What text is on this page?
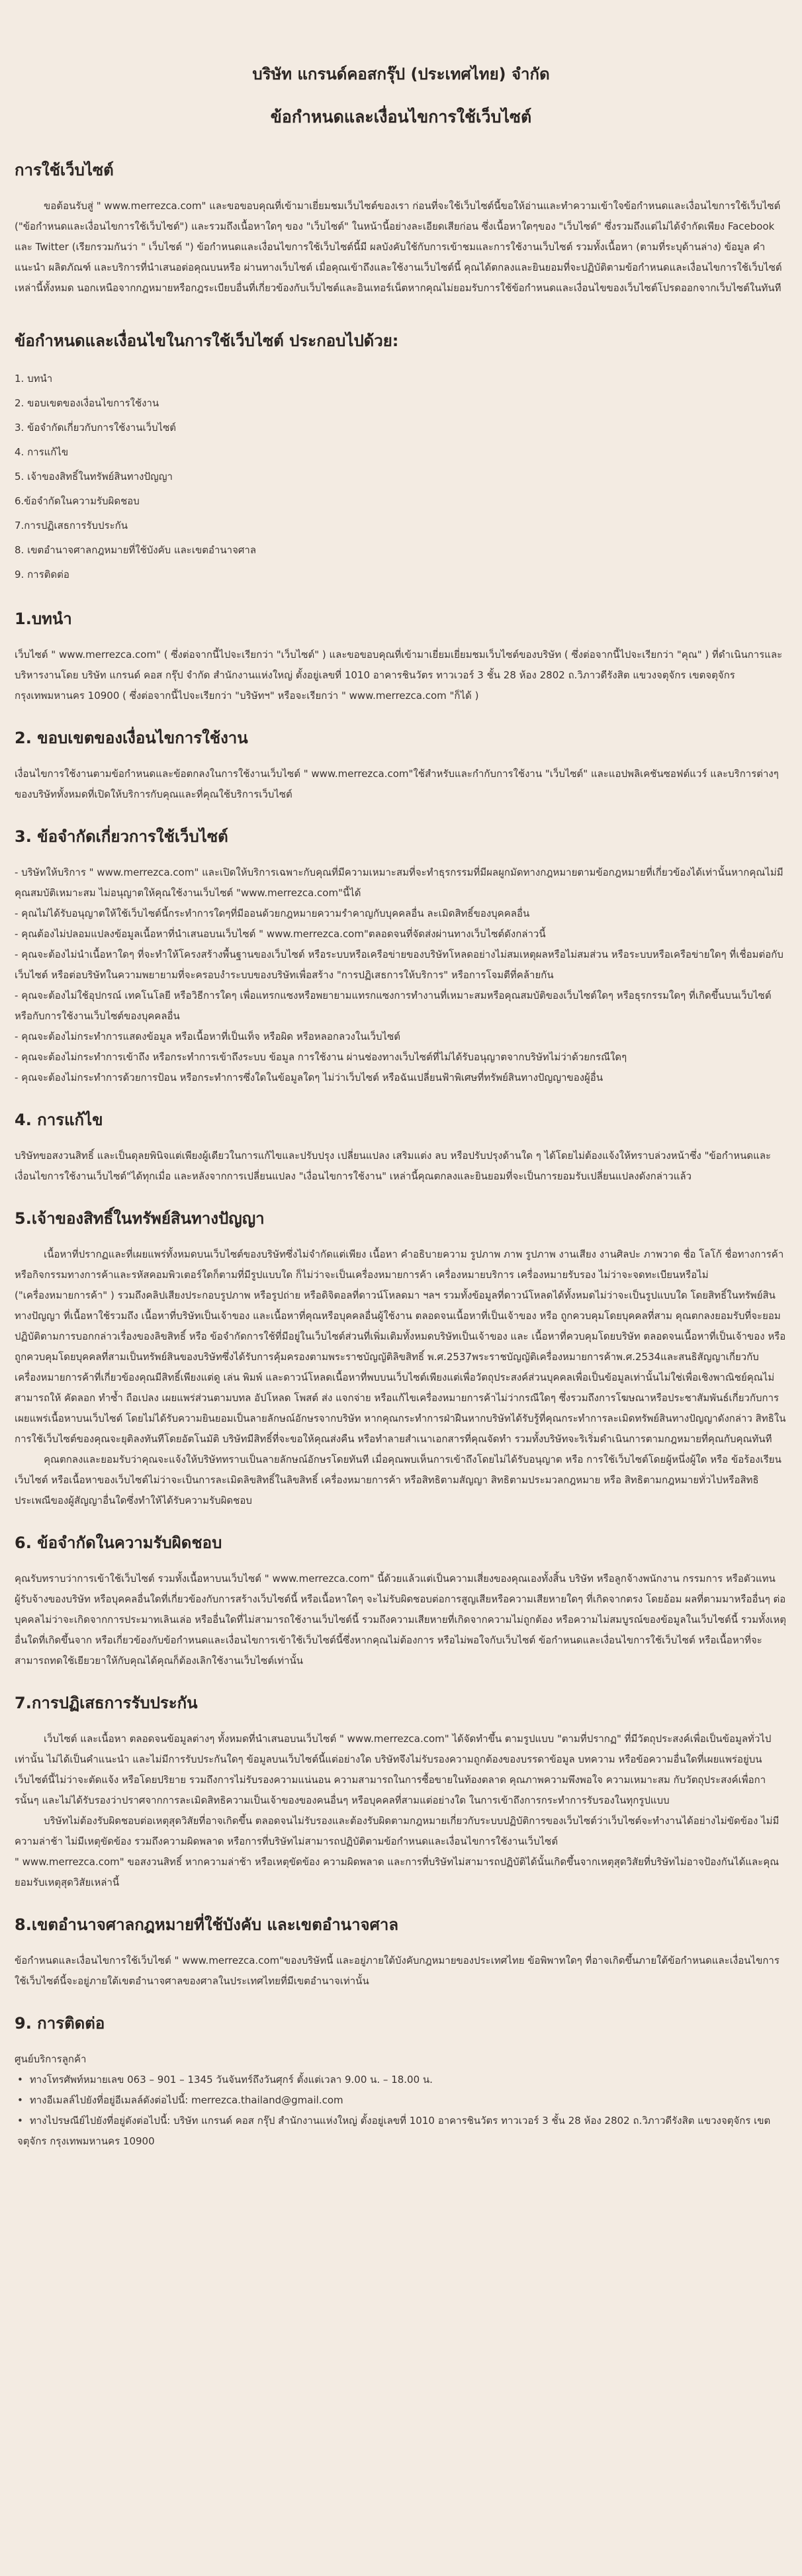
บริษัท แกรนด์คอสกรุ๊ป (ประเทศไทย) จำกัด
ข้อกำหนดและเงื่อนไขการใช้เว็บไซต์
การใช้เว็บไซต์

ขอต้อนรับสู่ " www.merrezca.com" และขอขอบคุณที่เข้ามาเยี่ยมชมเว็บไซต์ของเรา ก่อนที่จะใช้เว็บไซต์นี้ขอให้อ่านและทำความเข้าใจข้อกำหนดและเงื่อนไขการใช้เว็บไซต์ ("ข้อกำหนดและเงื่อนไขการใช้เว็บไซต์") และรวมถึงเนื้อหาใดๆ ของ "เว็บไซต์" ในหน้านี้อย่างละเอียดเสียก่อน ซึ่งเนื้อหาใดๆของ "เว็บไซต์" ซึ่งรวมถึงแต่ไม่ได้จำกัดเพียง Facebook และ Twitter (เรียกรวมกันว่า " เว็บไซต์ ") ข้อกำหนดและเงื่อนไขการใช้เว็บไซต์นี้มี ผลบังคับใช้กับการเข้าชมและการใช้งานเว็บไซต์ รวมทั้งเนื้อหา (ตามที่ระบุด้านล่าง) ข้อมูล คำแนะนำ ผลิตภัณฑ์ และบริการที่นำเสนอต่อคุณบนหรือ ผ่านทางเว็บไซต์ เมื่อคุณเข้าถึงและใช้งานเว็บไซต์นี้ คุณได้ตกลงและยินยอมที่จะปฏิบัติตามข้อกำหนดและเงื่อนไขการใช้เว็บไซต์เหล่านี้ทั้งหมด นอกเหนือจากกฎหมายหรือกฎระเบียบอื่นที่เกี่ยวข้องกับเว็บไซต์และอินเทอร์เน็ตหากคุณไม่ยอมรับการใช้ข้อกำหนดและเงื่อนไขของเว็บไซต์โปรดออกจากเว็บไซต์ในทันที

ข้อกำหนดและเงื่อนไขในการใช้เว็บไซต์ ประกอบไปด้วย:
1. บทนำ
2. ขอบเขตของเงื่อนไขการใช้งาน
3. ข้อจำกัดเกี่ยวกับการใช้งานเว็บไซต์
4. การแก้ไข
5. เจ้าของสิทธิ์ในทรัพย์สินทางปัญญา
6.ข้อจำกัดในความรับผิดชอบ
7.การปฏิเสธการรับประกัน
8. เขตอำนาจศาลกฎหมายที่ใช้บังคับ และเขตอำนาจศาล
9. การติดต่อ
1.บทนำ

เว็บไซต์ " www.merrezca.com" ( ซึ่งต่อจากนี้ไปจะเรียกว่า "เว็บไซต์" ) และขอขอบคุณที่เข้ามาเยี่ยมเยี่ยมชมเว็บไซต์ของบริษัท ( ซึ่งต่อจากนี้ไปจะเรียกว่า "คุณ" ) ที่ดำเนินการและบริหารงานโดย บริษัท แกรนด์ คอส กรุ๊ป จำกัด สำนักงานแห่งใหญ่ ตั้งอยู่เลขที่ 1010 อาคารชินวัตร ทาวเวอร์ 3 ชั้น 28 ห้อง 2802 ถ.วิภาวดีรังสิต แขวงจตุจักร เขตจตุจักร กรุงเทพมหานคร 10900 ( ซึ่งต่อจากนี้ไปจะเรียกว่า "บริษัทฯ" หรือจะเรียกว่า " www.merrezca.com "ก็ได้ )

2. ขอบเขตของเงื่อนไขการใช้งาน

เงื่อนไขการใช้งานตามข้อกำหนดและข้อตกลงในการใช้งานเว็บไซต์ " www.merrezca.com"ใช้สำหรับและกำกับการใช้งาน "เว็บไซต์" และแอปพลิเคชันซอฟต์แวร์ และบริการต่างๆของบริษัททั้งหมดที่เปิดให้บริการกับคุณและที่คุณใช้บริการเว็บไซต์

3. ข้อจำกัดเกี่ยวการใช้เว็บไซต์

- บริษัทให้บริการ " www.merrezca.com" และเปิดให้บริการเฉพาะกับคุณที่มีความเหมาะสมที่จะทำธุรกรรมที่มีผลผูกมัดทางกฎหมายตามข้อกฎหมายที่เกี่ยวข้องได้เท่านั้นหากคุณไม่มีคุณสมบัติเหมาะสม ไม่อนุญาตให้คุณใช้งานเว็บไซต์ "www.merrezca.com"นี้ได้

- คุณไม่ได้รับอนุญาตให้ใช้เว็บไซต์นี้กระทำการใดๆที่มีออนด้วยกฎหมายความรำคาญกับบุคคลอื่น ละเมิดสิทธิ์ของบุคคลอื่น

- คุณต้องไม่ปลอมแปลงข้อมูลเนื้อหาที่นำเสนอบนเว็บไซต์ " www.merrezca.com"ตลอดจนที่จัดส่งผ่านทางเว็บไซต์ดังกล่าวนี้

- คุณจะต้องไม่นำเนื้อหาใดๆ ที่จะทำให้โครงสร้างพื้นฐานของเว็บไซต์ หรือระบบหรือเครือข่ายของบริษัทโหลดอย่างไม่สมเหตุผลหรือไม่สมส่วน หรือระบบหรือเครือข่ายใดๆ ที่เชื่อมต่อกับเว็บไซต์ หรือต่อบริษัทในความพยายามที่จะครอบงำระบบของบริษัทเพื่อสร้าง "การปฏิเสธการให้บริการ" หรือการโจมตีที่คล้ายกัน

- คุณจะต้องไม่ใช้อุปกรณ์ เทคโนโลยี หรือวิธีการใดๆ เพื่อแทรกแซงหรือพยายามแทรกแซงการทำงานที่เหมาะสมหรือคุณสมบัติของเว็บไซต์ใดๆ หรือธุรกรรมใดๆ ที่เกิดขึ้นบนเว็บไซต์ หรือกับการใช้งานเว็บไซต์ของบุคคลอื่น

- คุณจะต้องไม่กระทำการแสดงข้อมูล หรือเนื้อหาที่เป็นเท็จ หรือผิด หรือหลอกลวงในเว็บไซต์

- คุณจะต้องไม่กระทำการเข้าถึง หรือกระทำการเข้าถึงระบบ ข้อมูล การใช้งาน ผ่านช่องทางเว็บไซต์ที่ไม่ได้รับอนุญาตจากบริษัทไม่ว่าด้วยกรณีใดๆ

- คุณจะต้องไม่กระทำการด้วยการป้อน หรือกระทำการซึ่งใดในข้อมูลใดๆ ไม่ว่าเว็บไซต์ หรือฉันเปลี่ยนฟ้าพิเศษที่ทรัพย์สินทางปัญญาของผู้อื่น

4. การแก้ไข

บริษัทขอสงวนสิทธิ์ และเป็นดุลยพินิจแต่เพียงผู้เดียวในการแก้ไขและปรับปรุง เปลี่ยนแปลง เสริมแต่ง ลบ หรือปรับปรุงด้านใด ๆ ได้โดยไม่ต้องแจ้งให้ทราบล่วงหน้าซึ่ง "ข้อกำหนดและเงื่อนไขการใช้งานเว็บไซต์"ได้ทุกเมื่อ และหลังจากการเปลี่ยนแปลง "เงื่อนไขการใช้งาน" เหล่านี้คุณตกลงและยินยอมที่จะเป็นการยอมรับเปลี่ยนแปลงดังกล่าวแล้ว

5.เจ้าของสิทธิ์ในทรัพย์สินทางปัญญา

เนื้อหาที่ปรากฏและที่เผยแพร่ทั้งหมดบนเว็บไซต์ของบริษัทซึ่งไม่จำกัดแต่เพียง เนื้อหา คำอธิบายความ รูปภาพ ภาพ รูปภาพ งานเสียง งานศิลปะ ภาพวาด ชื่อ โลโก้ ชื่อทางการค้า หรือกิจกรรมทางการค้าและรหัสคอมพิวเตอร์ใดก็ตามที่มีรูปแบบใด ก็ไม่ว่าจะเป็นเครื่องหมายการค้า เครื่องหมายบริการ เครื่องหมายรับรอง ไม่ว่าจะจดทะเบียนหรือไม่ ("เครื่องหมายการค้า" ) รวมถึงคลิปเสียงประกอบรูปภาพ หรือรูปถ่าย หรือดิจิตอลที่ดาวน์โหลดมา ฯลฯ รวมทั้งข้อมูลที่ดาวน์โหลดได้ทั้งหมดไม่ว่าจะเป็นรูปแบบใด โดยสิทธิ์ในทรัพย์สินทางปัญญา ที่เนื้อหาใช้รวมถึง เนื้อหาที่บริษัทเป็นเจ้าของ และเนื้อหาที่คุณหรือบุคคลอื่นผู้ใช้งาน ตลอดจนเนื้อหาที่เป็นเจ้าของ หรือ ถูกควบคุมโดยบุคคลที่สาม คุณตกลงยอมรับที่จะยอมปฏิบัติตามการบอกกล่าวเรื่องของลิขสิทธิ์ หรือ ข้อจำกัดการใช้ที่มีอยู่ในเว็บไซต์ส่วนที่เพิ่มเติมทั้งหมดบริษัทเป็นเจ้าของ และ เนื้อหาที่ควบคุมโดยบริษัท ตลอดจนเนื้อหาที่เป็นเจ้าของ หรือ ถูกควบคุมโดยบุคคลที่สามเป็นทรัพย์สินของบริษัทซึ่งได้รับการคุ้มครองตามพระราชบัญญัติลิขสิทธิ์ พ.ศ.2537พระราชบัญญัติเครื่องหมายการค้าพ.ศ.2534และสนธิสัญญาเกี่ยวกับเครื่องหมายการค้าที่เกี่ยวข้องคุณมีสิทธิ์เพียงแต่ดู เล่น พิมพ์ และดาวน์โหลดเนื้อหาที่พบบนเว็บไซต์เพียงแต่เพื่อวัตถุประสงค์ส่วนบุคคลเพื่อเป็นข้อมูลเท่านั้นไม่ใช่เพื่อเชิงพาณิชย์คุณไม่สามารถให้ คัดลอก ทำซ้ำ ถือเปลง เผยแพร่ส่วนตามบทล อัปโหลด โพสต์ ส่ง แจกจ่าย หรือแก้ไขเครื่องหมายการค้าไม่ว่ากรณีใดๆ ซึ่งรวมถึงการโฆษณาหรือประชาสัมพันธ์เกี่ยวกับการเผยแพร่เนื้อหาบนเว็บไซต์ โดยไม่ได้รับความยินยอมเป็นลายลักษณ์อักษรจากบริษัท หากคุณกระทำการฝ่าฝืนหากบริษัทได้รับรู้ที่คุณกระทำการละเมิดทรัพย์สินทางปัญญาดังกล่าว สิทธิในการใช้เว็บไซต์ของคุณจะยุติลงทันทีโดยอัตโนมัติ บริษัทมีสิทธิ์ที่จะขอให้คุณส่งคืน หรือทำลายสำเนาเอกสารที่คุณจัดทำ รวมทั้งบริษัทจะริเริ่มดำเนินการตามกฎหมายที่คุณกับคุณทันที

คุณตกลงและยอมรับว่าคุณจะแจ้งให้บริษัททราบเป็นลายลักษณ์อักษรโดยทันที เมื่อคุณพบเห็นการเข้าถึงโดยไม่ได้รับอนุญาต หรือ การใช้เว็บไซต์โดยผู้หนึ่งผู้ใด หรือ ข้อร้องเรียนเว็บไซต์ หรือเนื้อหาของเว็บไซต์ไม่ว่าจะเป็นการละเมิดลิขสิทธิ์ในลิขสิทธิ์ เครื่องหมายการค้า หรือสิทธิตามสัญญา สิทธิตามประมวลกฎหมาย หรือ สิทธิตามกฎหมายทั่วไปหรือสิทธิประเพณีของผู้สัญญาอื่นใดซึ่งทำให้ได้รับความรับผิดชอบ

6. ข้อจำกัดในความรับผิดชอบ

คุณรับทราบว่าการเข้าใช้เว็บไซต์ รวมทั้งเนื้อหาบนเว็บไซต์ " www.merrezca.com" นี้ด้วยแล้วแต่เป็นความเสี่ยงของคุณเองทั้งสิ้น บริษัท หรือลูกจ้างพนักงาน กรรมการ หรือตัวแทน ผู้รับจ้างของบริษัท หรือบุคคลอื่นใดที่เกี่ยวข้องกับการสร้างเว็บไซต์นี้ หรือเนื้อหาใดๆ จะไม่รับผิดชอบต่อการสูญเสียหรือความเสียหายใดๆ ที่เกิดจากตรง โดยอ้อม ผลที่ตามมาหรืออื่นๆ ต่อบุคคลไม่ว่าจะเกิดจากการประมาทเลินเล่อ หรืออื่นใดที่ไม่สามารถใช้งานเว็บไซต์นี้ รวมถึงความเสียหายที่เกิดจากความไม่ถูกต้อง หรือความไม่สมบูรณ์ของข้อมูลในเว็บไซต์นี้ รวมทั้งเหตุอื่นใดที่เกิดขึ้นจาก หรือเกี่ยวข้องกับข้อกำหนดและเงื่อนไขการเข้าใช้เว็บไซต์นี้ซึ่งหากคุณไม่ต้องการ หรือไม่พอใจกับเว็บไซต์ ข้อกำหนดและเงื่อนไขการใช้เว็บไซต์ หรือเนื้อหาที่จะสามารถทดใช้เยียวยาให้กับคุณได้คุณก็ต้องเลิกใช้งานเว็บไซต์เท่านั้น

7.การปฏิเสธการรับประกัน

เว็บไซต์ และเนื้อหา ตลอดจนข้อมูลต่างๆ ทั้งหมดที่นำเสนอบนเว็บไซต์ " www.merrezca.com" ได้จัดทำขึ้น ตามรูปแบบ "ตามที่ปรากฏ" ที่มีวัตถุประสงค์เพื่อเป็นข้อมูลทั่วไปเท่านั้น ไม่ได้เป็นคำแนะนำ และไม่มีการรับประกันใดๆ ข้อมูลบนเว็บไซต์นี้แต่อย่างใด บริษัทจึงไม่รับรองความถูกต้องของบรรดาข้อมูล บทความ หรือข้อความอื่นใดที่เผยแพร่อยู่บนเว็บไซต์นี้ไม่ว่าจะตัดแจ้ง หรือโดยปริยาย รวมถึงการไม่รับรองความแน่นอน ความสามารถในการซื้อขายในท้องตลาด คุณภาพความพึงพอใจ ความเหมาะสม กับวัตถุประสงค์เพื่อการนั้นๆ และไม่ได้รับรองว่าปราศจากการละเมิดสิทธิความเป็นเจ้าของของคนอื่นๆ หรือบุคคลที่สามแต่อย่างใด ในการเข้าถึงการกระทำการรับรองในทุกรูปแบบ

บริษัทไม่ต้องรับผิดชอบต่อเหตุสุดวิสัยที่อาจเกิดขึ้น ตลอดจนไม่รับรองและต้องรับผิดตามกฎหมายเกี่ยวกับระบบปฏิบัติการของเว็บไซต์ว่าเว็บไซต์จะทำงานได้อย่างไม่ขัดข้อง ไม่มีความล่าช้า ไม่มีเหตุขัดข้อง รวมถึงความผิดพลาด หรือการที่บริษัทไม่สามารถปฏิบัติตามข้อกำหนดและเงื่อนไขการใช้งานเว็บไซต์

" www.merrezca.com" ขอสงวนสิทธิ์ หากความล่าช้า หรือเหตุขัดข้อง ความผิดพลาด และการที่บริษัทไม่สามารถปฏิบัติได้นั้นเกิดขึ้นจากเหตุสุดวิสัยที่บริษัทไม่อาจป้องกันได้และคุณยอมรับเหตุสุดวิสัยเหล่านี้

8.เขตอำนาจศาลกฎหมายที่ใช้บังคับ และเขตอำนาจศาล

ข้อกำหนดและเงื่อนไขการใช้เว็บไซต์ " www.merrezca.com"ของบริษัทนี้ และอยู่ภายใต้บังคับกฎหมายของประเทศไทย ข้อพิพาทใดๆ ที่อาจเกิดขึ้นภายใต้ข้อกำหนดและเงื่อนไขการใช้เว็บไซต์นี้จะอยู่ภายใต้เขตอำนาจศาลของศาลในประเทศไทยที่มีเขตอำนาจเท่านั้น

9. การติดต่อ

ศูนย์บริการลูกค้า

• ทางโทรศัพท์หมายเลข 063 – 901 – 1345 วันจันทร์ถึงวันศุกร์ ตั้งแต่เวลา 9.00 น. – 18.00 น.
• ทางอีเมลล์ไปยังที่อยู่อีเมลล์ดังต่อไปนี้: merrezca.thailand@gmail.com
• ทางไปรษณีย์ไปยังที่อยู่ดังต่อไปนี้: บริษัท แกรนด์ คอส กรุ๊ป สำนักงานแห่งใหญ่ ตั้งอยู่เลขที่ 1010 อาคารชินวัตร ทาวเวอร์ 3 ชั้น 28 ห้อง 2802 ถ.วิภาวดีรังสิต แขวงจตุจักร เขตจตุจักร กรุงเทพมหานคร 10900
